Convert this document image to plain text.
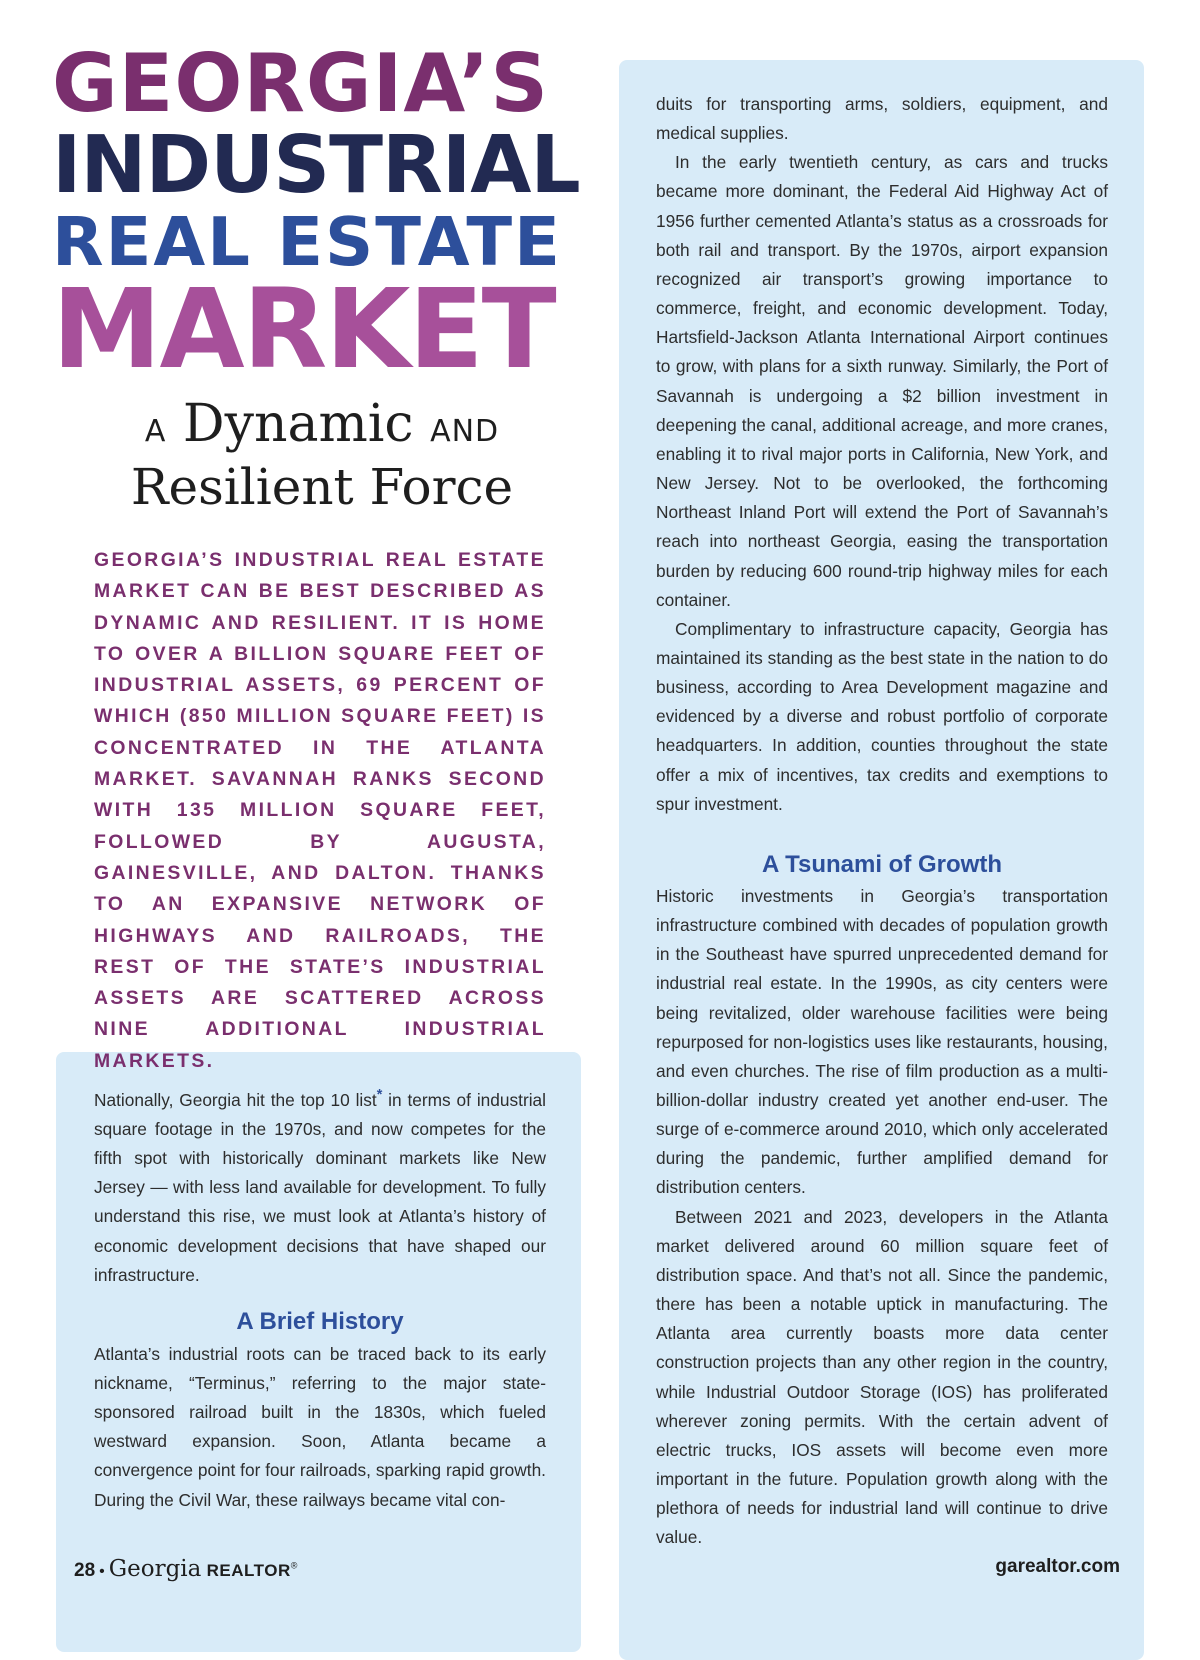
GEORGIA’S
INDUSTRIAL
REAL ESTATE
MARKET
A Dynamic AND
Resilient Force

GEORGIA’S INDUSTRIAL REAL ESTATE MARKET CAN BE BEST DESCRIBED AS DYNAMIC AND RESILIENT. IT IS HOME TO OVER A BILLION SQUARE FEET OF INDUSTRIAL ASSETS, 69 PERCENT OF WHICH (850 MILLION SQUARE FEET) IS CONCENTRATED IN THE ATLANTA MARKET. SAVANNAH RANKS SECOND WITH 135 MILLION SQUARE FEET, FOLLOWED BY AUGUSTA, GAINESVILLE, AND DALTON. THANKS TO AN EXPANSIVE NETWORK OF HIGHWAYS AND RAILROADS, THE REST OF THE STATE’S INDUSTRIAL ASSETS ARE SCATTERED ACROSS NINE ADDITIONAL INDUSTRIAL MARKETS.

Nationally, Georgia hit the top 10 list* in terms of industrial square footage in the 1970s, and now competes for the fifth spot with historically dominant markets like New Jersey — with less land available for development. To fully understand this rise, we must look at Atlanta’s history of economic development decisions that have shaped our infrastructure.

A Brief History

Atlanta’s industrial roots can be traced back to its early nickname, “Terminus,” referring to the major state-sponsored railroad built in the 1830s, which fueled westward expansion. Soon, Atlanta became a convergence point for four railroads, sparking rapid growth. During the Civil War, these railways became vital con-

duits for transporting arms, soldiers, equipment, and medical supplies.

In the early twentieth century, as cars and trucks became more dominant, the Federal Aid Highway Act of 1956 further cemented Atlanta’s status as a crossroads for both rail and transport. By the 1970s, airport expansion recognized air transport’s growing importance to commerce, freight, and economic development. Today, Hartsfield-Jackson Atlanta International Airport continues to grow, with plans for a sixth runway. Similarly, the Port of Savannah is undergoing a $2 billion investment in deepening the canal, additional acreage, and more cranes, enabling it to rival major ports in California, New York, and New Jersey. Not to be overlooked, the forthcoming Northeast Inland Port will extend the Port of Savannah’s reach into northeast Georgia, easing the transportation burden by reducing 600 round-trip highway miles for each container.

Complimentary to infrastructure capacity, Georgia has maintained its standing as the best state in the nation to do business, according to Area Development magazine and evidenced by a diverse and robust portfolio of corporate headquarters. In addition, counties throughout the state offer a mix of incentives, tax credits and exemptions to spur investment.

A Tsunami of Growth

Historic investments in Georgia’s transportation infrastructure combined with decades of population growth in the Southeast have spurred unprecedented demand for industrial real estate. In the 1990s, as city centers were being revitalized, older warehouse facilities were being repurposed for non-logistics uses like restaurants, housing, and even churches. The rise of film production as a multi-billion-dollar industry created yet another end-user. The surge of e-commerce around 2010, which only accelerated during the pandemic, further amplified demand for distribution centers.

Between 2021 and 2023, developers in the Atlanta market delivered around 60 million square feet of distribution space. And that’s not all. Since the pandemic, there has been a notable uptick in manufacturing. The Atlanta area currently boasts more data center construction projects than any other region in the country, while Industrial Outdoor Storage (IOS) has proliferated wherever zoning permits. With the certain advent of electric trucks, IOS assets will become even more important in the future. Population growth along with the plethora of needs for industrial land will continue to drive value.

28 • Georgia REALTOR®	garealtor.com
